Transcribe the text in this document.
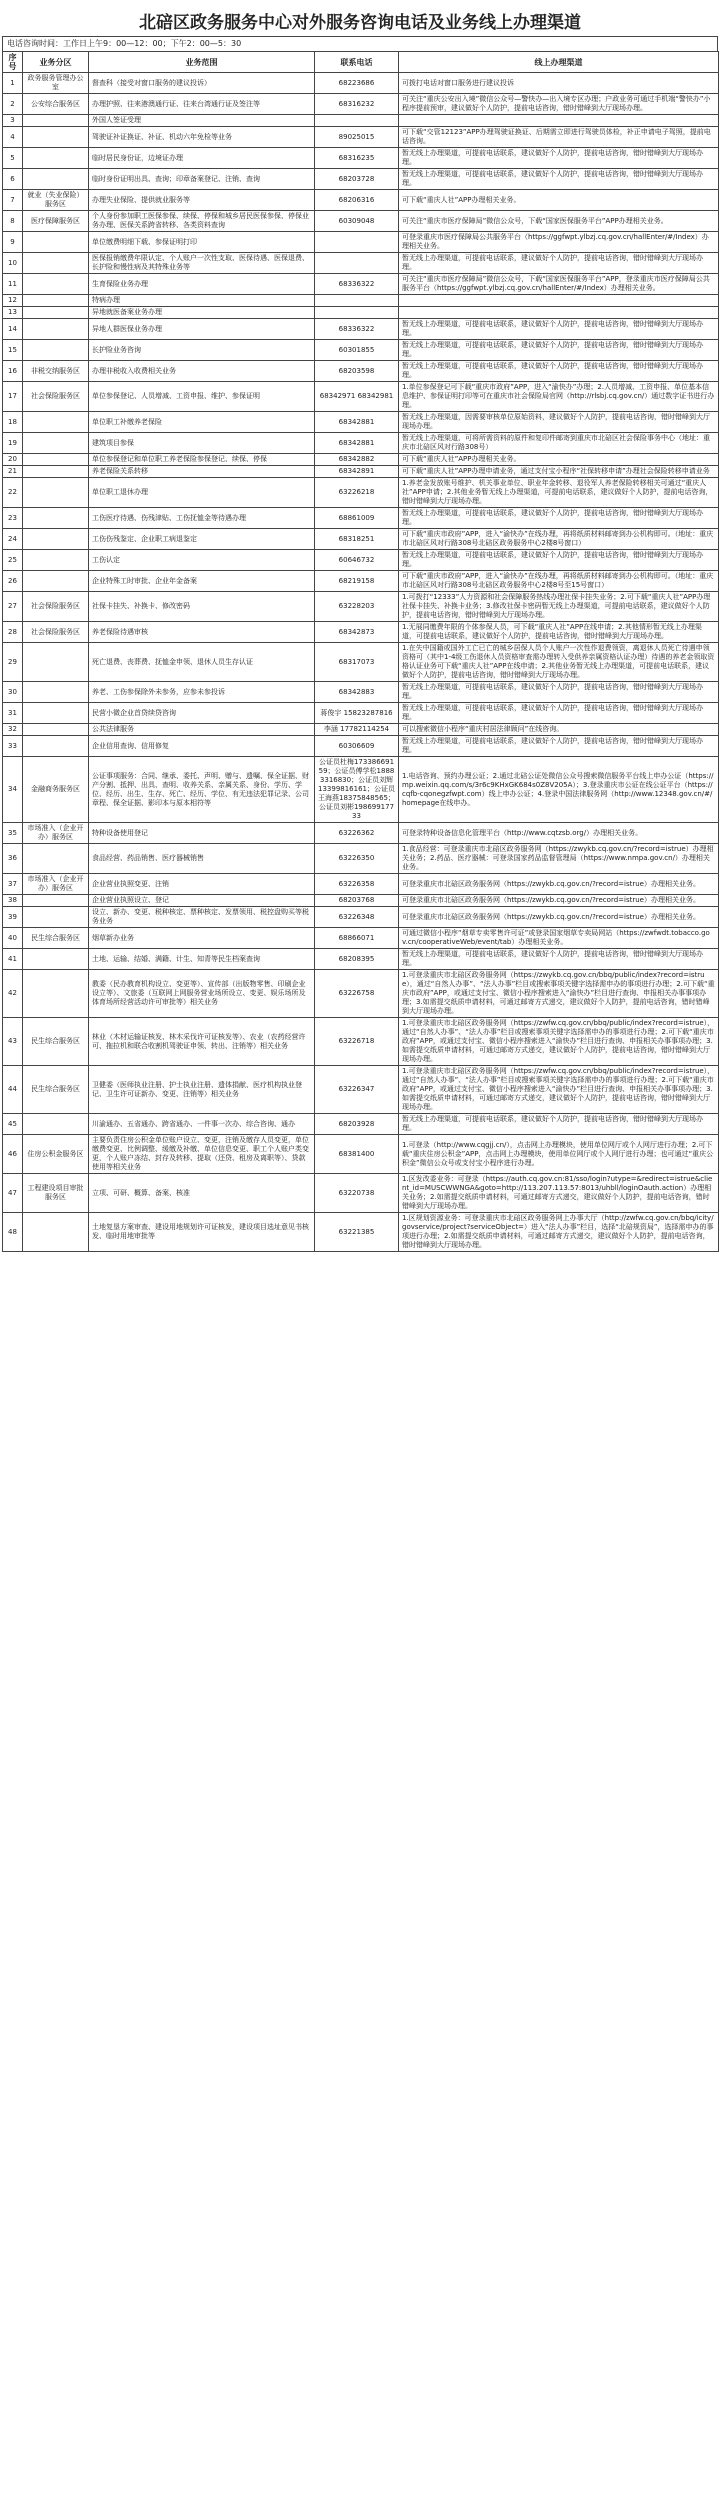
北碚区政务服务中心对外服务咨询电话及业务线上办理渠道
电话咨询时间：工作日上午9：00—12：00；下午2：00—5：30
序号	业务分区	业务范围	联系电话	线上办理渠道
1	政务服务管理办公室	督查科（接受对窗口服务的建议投诉）	68223686	可拨打电话对窗口服务进行建议投诉
2	公安综合服务区	办理护照、往来港澳通行证、往来台湾通行证及签注等	68316232	可关注“重庆公安出入境”微信公众号—警快办—出入境专区办理；户政业务可通过手机端“警快办”小程序提前预审，建议做好个人防护，提前电话咨询，错时错峰到大厅现场办理。
3		外国人签证受理		
4		驾驶证补证换证、补证、机动六年免检等业务	89025015	可下载“交管12123”APP办理驾驶证换证、后期需立即进行驾驶员体检，补正申请电子驾照，提前电话咨询。
5		临时居民身份证，边境证办理	68316235	暂无线上办理渠道，可提前电话联系，建议做好个人防护，提前电话咨询，错时错峰到大厅现场办理。
6		临时身份证明出具、查询；印章备案登记、注销、查询	68203728	暂无线上办理渠道，可提前电话联系，建议做好个人防护，提前电话咨询，错时错峰到大厅现场办理。
7	就业（失业保险）服务区	办理失业保险、提供就业服务等	68206316	可下载“重庆人社”APP办理相关业务。
8	医疗保障服务区	个人身份参加职工医保参保、续保、停保和城乡居民医保参保、停保业务办理、医保关系跨省转移、各类资料查询	60309048	可关注“重庆市医疗保障局”微信公众号，下载“国家医保服务平台”APP办理相关业务。
9		单位缴费明细下载、参保证明打印		可登录重庆市医疗保障局公共服务平台（https://ggfwpt.ylbzj.cq.gov.cn/hallEnter/#/Index）办理相关业务。
10		医保报销缴费年限认定、个人账户一次性支取、医保待遇、医保退费、长护险和慢性病及其特殊业务等		暂无线上办理渠道，可提前电话联系，建议做好个人防护，提前电话咨询，错时错峰到大厅现场办理。
11		生育保险业务办理	68336322	可关注“重庆市医疗保障局”微信公众号，下载“国家医保服务平台”APP，登录重庆市医疗保障局公共服务平台（https://ggfwpt.ylbzj.cq.gov.cn/hallEnter/#/Index）办理相关业务。
12		特病办理		
13		异地就医备案业务办理		
14		异地人群医保业务办理	68336322	暂无线上办理渠道，可提前电话联系，建议做好个人防护，提前电话咨询，错时错峰到大厅现场办理。
15		长护险业务咨询	60301855	暂无线上办理渠道，可提前电话联系，建议做好个人防护，提前电话咨询，错时错峰到大厅现场办理。
16	非税交纳服务区	办理非税收入收费相关业务	68203598	暂无线上办理渠道，可提前电话联系，建议做好个人防护，提前电话咨询，错时错峰到大厅现场办理。
17	社会保险服务区	单位参保登记、人员增减、工资申报、维护、参保证明	68342971 68342981	1.单位参保登记可下载“重庆市政府”APP，进入“渝快办”办理；2.人员增减、工资申报、单位基本信息维护、参保证明打印等可在重庆市社会保险局官网（http://rlsbj.cq.gov.cn/）通过数字证书进行办理。
18		单位职工补缴养老保险	68342881	暂无线上办理渠道，因需要审核单位原始资料，建议做好个人防护，提前电话咨询，错时错峰到大厅现场办理。
19		建筑项目参保	68342881	暂无线上办理渠道，可将所需资料的原件和复印件邮寄到重庆市北碚区社会保险事务中心（地址：重庆市北碚区风对行路308号）
20		单位参保登记和单位职工养老保险参保登记、续保、停保	68342882	可下载“重庆人社”APP办理相关业务。
21		养老保险关系转移	68342891	可下载“重庆人社”APP办理申请业务，通过支付宝小程序“社保转移申请”办理社会保险转移申请业务
22		单位职工退休办理	63226218	1.养老金发放账号维护、机关事业单位、职业年金转移、退役军人养老保险转移相关可通过“重庆人社”APP申请；2.其他业务暂无线上办理渠道，可提前电话联系，建议做好个人防护，提前电话咨询，错时错峰到大厅现场办理。
23		工伤医疗待遇、伤残津贴、工伤抚恤金等待遇办理	68861009	暂无线上办理渠道，可提前电话联系，建议做好个人防护，提前电话咨询，错时错峰到大厅现场办理。
24		工伤伤残鉴定、企业职工病退鉴定	68318251	可下载“重庆市政府”APP，进入“渝快办”在线办理，再将纸质材料邮寄到办公机构即可。（地址：重庆市北碚区风对行路308号北碚区政务服务中心2楼8号窗口）
25		工伤认定	60646732	暂无线上办理渠道，可提前电话联系，建议做好个人防护，提前电话咨询，错时错峰到大厅现场办理。
26		企业特殊工时审批、企业年金备案	68219158	可下载“重庆市政府”APP，进入“渝快办”在线办理，再将纸质材料邮寄到办公机构即可。（地址：重庆市北碚区风对行路308号北碚区政务服务中心2楼8号至15号窗口）
27	社会保险服务区	社保卡挂失、补换卡、修改密码	63228203	1.可拨打“12333”人力资源和社会保障服务热线办理社保卡挂失业务；2.可下载“重庆人社”APP办理社保卡挂失、补换卡业务；3.修改社保卡密码暂无线上办理渠道，可提前电话联系，建议做好个人防护，提前电话咨询，错时错峰到大厅现场办理。
28	社会保险服务区	养老保险待遇审核	68342873	1.无展同缴费年限的个体参保人员，可下载“重庆人社”APP在线申请；2.其他情形暂无线上办理渠道，可提前电话联系，建议做好个人防护，提前电话咨询，错时错峰到大厅现场办理。
29		死亡退费、丧葬费、抚恤金申领、退休人员生存认证	68317073	1.在失中国籍或国外工亡已亡的城乡居保人员个人账户一次性作退费领资，离退休人员死亡待遇申领资格可（其中1-4级工伤退休人员资格审查需办理转入受供养亲属资格认证办理）待遇的养老金领取资格认证业务可下载“重庆人社”APP在线申请；2.其他业务暂无线上办理渠道，可提前电话联系，建议做好个人防护，提前电话咨询，错时错峰到大厅现场办理。
30		养老、工伤参保除外未参务，应参未参投诉	68342883	暂无线上办理渠道，可提前电话联系，建议做好个人防护，提前电话咨询，错时错峰到大厅现场办理。
31		民营小微企业首贷续贷咨询	蒋俊宇 15823287816	暂无线上办理渠道，可提前电话联系，建议做好个人防护，提前电话咨询，错时错峰到大厅现场办理。
32		公共法律服务	李涵 17782114254	可以搜索微信小程序“重庆村居法律顾问”在线咨询。
33		企业信用查询、信用修复	60306609	暂无线上办理渠道，可提前电话联系，建议做好个人防护，提前电话咨询，错时错峰到大厅现场办理。
34	金融商务服务区	公证事项服务：合同、继承、委托、声明、赠与、遗嘱、保全证据、财产分割、抵押、出具、查明、收养关系、亲属关系、身份、学历、学位、经历、出生、生存、死亡、经历、学位、有无违法犯罪记录、公司章程、保全证据、影印本与原本相符等	公证员杜梅17338669159；公证员傅学松18883316830；公证员刘辉13399816161；公证员王海燕18375848565；公证员刘彬19869917733	1.电话咨询、预约办理公证；2.通过北碚公证处微信公众号搜索微信服务平台线上申办公证（https://mp.weixin.qq.com/s/3r6c9KHxGK684s0Z8V205A）；3.登录重庆市公证在线公证平台（https://cqfb-cqonegzfwpt.com）线上申办公证；4.登录中国法律服务网（http://www.12348.gov.cn/#/homepage在线申办。
35	市场准入（企业开办）服务区	特种设备使用登记	63226362	可登录特种设备信息化管理平台（http://www.cqtzsb.org/）办理相关业务。
36		食品经营、药品销售、医疗器械销售	63226350	1.食品经营：可登录重庆市北碚区政务服务网（https://zwykb.cq.gov.cn/?record=istrue）办理相关业务；2.药品、医疗器械：可登录国家药品监督管理局（https://www.nmpa.gov.cn/）办理相关业务。
37	市场准入（企业开办）服务区	企业营业执照变更、注销	63226358	可登录重庆市北碚区政务服务网（https://zwykb.cq.gov.cn/?record=istrue）办理相关业务。
38		企业营业执照设立、登记	68203768	可登录重庆市北碚区政务服务网（https://zwykb.cq.gov.cn/?record=istrue）办理相关业务。
39		设立、新办、变更、税种核定、票种核定、发票领用、税控盘购买等税务业务	63226348	可登录重庆市北碚区政务服务网（https://zwykb.cq.gov.cn/?record=istrue）办理相关业务。
40	民生综合服务区	烟草新办业务	68866071	可通过微信小程序“烟草专卖零售许可证”或登录国家烟草专卖局网站（https://zwfwdt.tobacco.gov.cn/cooperativeWeb/event/tab）办理相关业务。
41		土地、运输、结婚、满籍、计生、知青等民生档案查询	68208395	暂无线上办理渠道，可提前电话联系，建议做好个人防护，提前电话咨询，错时错峰到大厅现场办理。
42		教委（民办教育机构设立、变更等）、宣传部（出版物零售、印刷企业设立等）、文旅委（互联网上网服务营业场所设立、变更、娱乐场所及体育场所经营活动许可审批等）相关业务	63226758	1.可登录重庆市北碚区政务服务网（https://zwykb.cq.gov.cn/bbq/public/index?record=istrue），通过“自然人办事”、“法人办事”栏目或搜索事项关键字选择需申办的事项进行办理；2.可下载“重庆市政府”APP，或通过支付宝、微信小程序搜索进入“渝快办”栏目进行查询、申报相关办事事项办理；3.如需提交纸质申请材料，可通过邮寄方式递交，建议做好个人防护，提前电话咨询，错时错峰到大厅现场办理。
43	民生综合服务区	林业（木材运输证核发、林木采伐许可证核发等）、农业（农药经营许可、拖拉机和联合收割机驾驶证申领、转出、注销等）相关业务	63226718	1.可登录重庆市北碚区政务服务网（https://zwfw.cq.gov.cn/bbq/public/index?record=istrue），通过“自然人办事”、“法人办事”栏目或搜索事项关键字选择需申办的事项进行办理；2.可下载“重庆市政府”APP，或通过支付宝、微信小程序搜索进入“渝快办”栏目进行查询、申报相关办事事项办理；3.如需提交纸质申请材料，可通过邮寄方式递交，建议做好个人防护，提前电话咨询，错时错峰到大厅现场办理。
44	民生综合服务区	卫健委（医师执业注册、护士执业注册、遗体捐献、医疗机构执业登记、卫生许可证新办、变更、注销等）相关业务	63226347	1.可登录重庆市北碚区政务服务网（https://zwfw.cq.gov.cn/bbq/public/index?record=istrue），通过“自然人办事”、“法人办事”栏目或搜索事项关键字选择需申办的事项进行办理；2.可下载“重庆市政府”APP，或通过支付宝、微信小程序搜索进入“渝快办”栏目进行查询、申报相关办事事项办理；3.如需提交纸质申请材料，可通过邮寄方式递交，建议做好个人防护，提前电话咨询，错时错峰到大厅现场办理。
45		川渝通办、五省通办、跨省通办、一件事一次办、综合咨询、通办	68203928	暂无线上办理渠道，可提前电话联系，建议做好个人防护，提前电话咨询，错时错峰到大厅现场办理。
46	住房公积金服务区	主要负责住房公积金单位账户设立、变更，注销及缴存人员变更，单位缴费变更、比例调整、缓缴及补缴、单位信息变更、职工个人账户类变更，个人账户冻结、封存及转移、提取（还贷、租房及离职等）、贷款使用等相关业务	68381400	1.可登录（http://www.cqgjj.cn/），点击网上办理模块，使用单位网厅或个人网厅进行办理；2.可下载“重庆住房公积金”APP，点击网上办理模块，使用单位网厅或个人网厅进行办理；也可通过“重庆公积金”微信公众号或支付宝小程序进行办理。
47	工程建设项目审批服务区	立项、可研、概算、备案、核准	63220738	1.区发改委业务：可登录（https://auth.cq.gov.cn:81/sso/login?utype=&redirect=istrue&client_id=MUSCWWNGA&goto=http://113.207.113.57:8013/uhbll/loginOauth.action）办理相关业务；2.如需提交纸质申请材料，可通过邮寄方式递交，建议做好个人防护，提前电话咨询，错时错峰到大厅现场办理。
48		土地复垦方案审查、建设用地规划许可证核发，建设项目选址意见书核发、临时用地审批等	63221385	1.区规划资源业务：可登录重庆市北碚区政务服务网上办事大厅（http://zwfw.cq.gov.cn/bbq/icity/govservice/project?serviceObject=）进入“法人办事”栏目，选择“北碚规资局”，选择需申办的事项进行办理；2.如需提交纸质申请材料，可通过邮寄方式递交，建议做好个人防护，提前电话咨询，错时错峰到大厅现场办理。
